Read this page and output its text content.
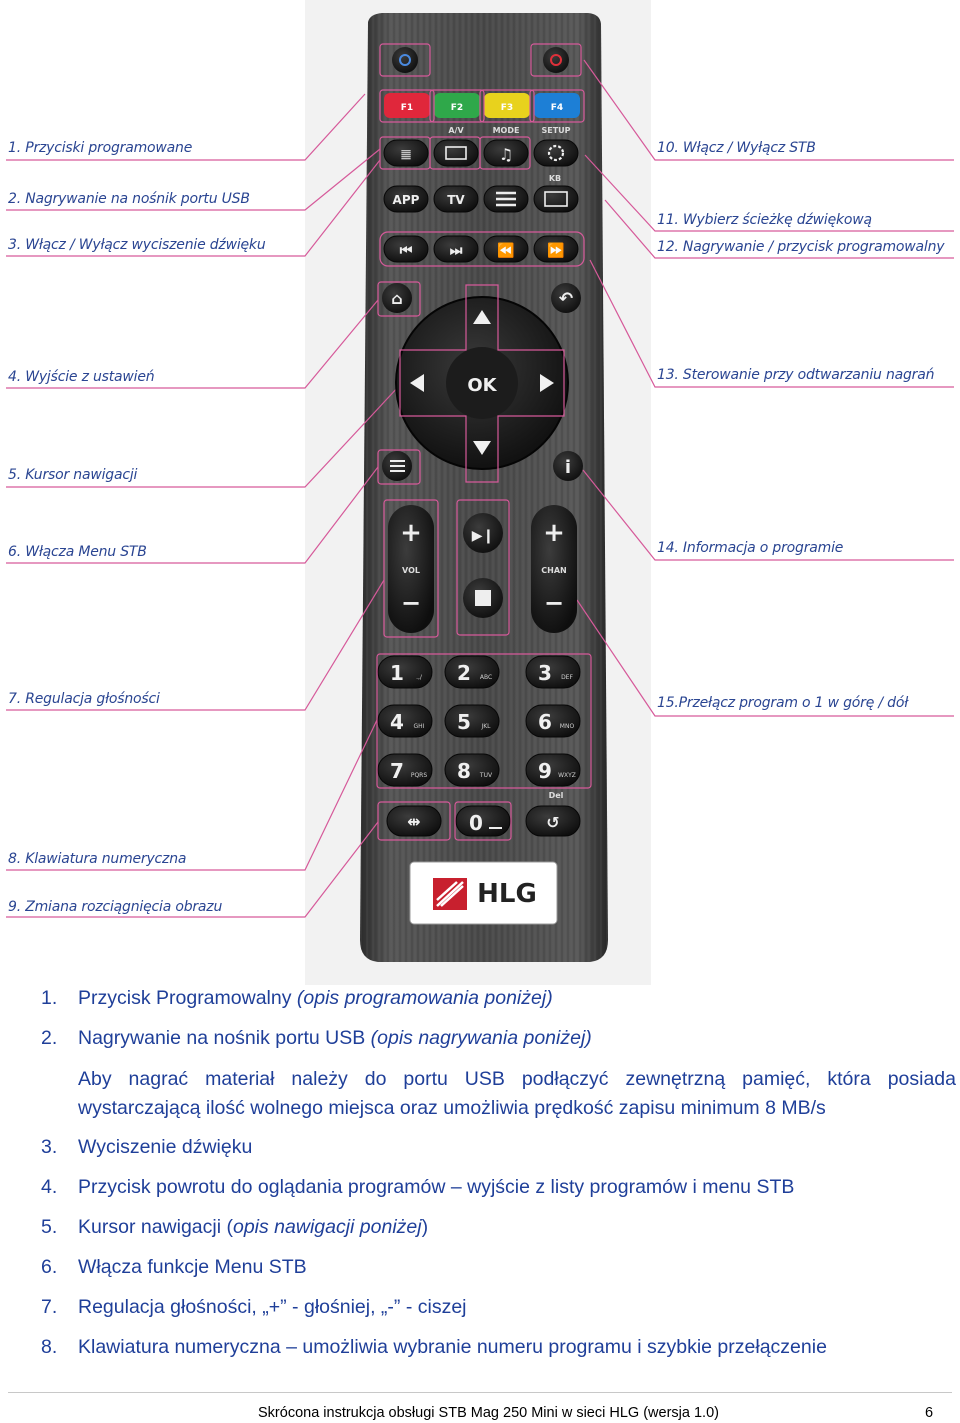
F1	F2	F3	F4
A/V	MODE	SETUP
𝄚	♫
KB
APP TV
⏮	⏭ ⏪ ⏩
⌂	↶
OK
i
+
VOL
−
+
CHAN
−
▶❙
1 .,/ 2 ABC 3 DEF
4 GHI 5 JKL 6 MNO
7 PQRS 8 TUV 9 WXYZ
Del
⇹ 0	↺
HLG
1. Przyciski programowane
2. Nagrywanie na nośnik portu USB
3. Włącz / Wyłącz wyciszenie dźwięku
4. Wyjście z ustawień
5. Kursor nawigacji
6. Włącza Menu STB
7. Regulacja głośności
8. Klawiatura numeryczna
9. Zmiana rozciągnięcia obrazu
10. Włącz / Wyłącz STB
11. Wybierz ścieżkę dźwiękową
12. Nagrywanie / przycisk programowalny
13. Sterowanie przy odtwarzaniu nagrań
14. Informacja o programie
15.Przełącz program o 1 w górę / dół
1. Przycisk Programowalny (opis programowania poniżej)
2. Nagrywanie na nośnik portu USB (opis nagrywania poniżej)
Aby nagrać materiał należy do portu USB podłączyć zewnętrzną pamięć, która posiada wystarczającą ilość wolnego miejsca oraz umożliwia prędkość zapisu minimum 8 MB/s
3. Wyciszenie dźwięku
4. Przycisk powrotu do oglądania programów – wyjście z listy programów i menu STB
5. Kursor nawigacji (opis nawigacji poniżej)
6. Włącza funkcje Menu STB
7. Regulacja głośności, „+” - głośniej, „-” - ciszej
8. Klawiatura numeryczna – umożliwia wybranie numeru programu i szybkie przełączenie
Skrócona instrukcja obsługi STB Mag 250 Mini w sieci HLG (wersja 1.0)	6
